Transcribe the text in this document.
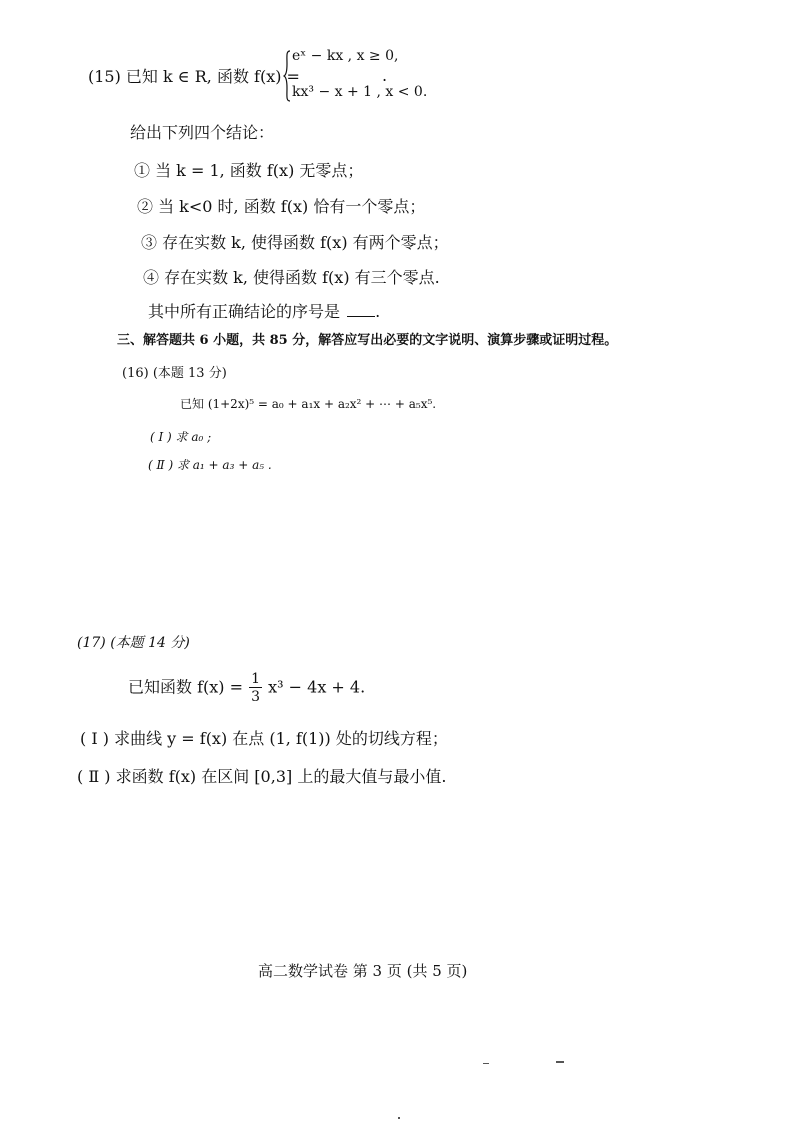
(15) 已知 k ∈ R, 函数 f(x) =
eˣ − kx , x ≥ 0,
kx³ − x + 1 , x < 0.
.
给出下列四个结论：
① 当 k = 1, 函数 f(x) 无零点；
② 当 k<0 时, 函数 f(x) 恰有一个零点；
③ 存在实数 k, 使得函数 f(x) 有两个零点；
④ 存在实数 k, 使得函数 f(x) 有三个零点.
其中所有正确结论的序号是 .
三、解答题共 6 小题，共 85 分，解答应写出必要的文字说明、演算步骤或证明过程。
(16) (本题 13 分)
已知 (1+2x)⁵ = a₀ + a₁x + a₂x² + ⋯ + a₅x⁵.
( Ⅰ ) 求 a₀ ;
( Ⅱ ) 求 a₁ + a₃ + a₅ .
(17) (本题 14 分)
已知函数 $f(x) = \frac{1}{3} x^3 - 4x + 4$.
( Ⅰ ) 求曲线 y = f(x) 在点 (1, f(1)) 处的切线方程；
( Ⅱ ) 求函数 f(x) 在区间 [0,3] 上的最大值与最小值.
高二数学试卷 第 3 页 (共 5 页)
